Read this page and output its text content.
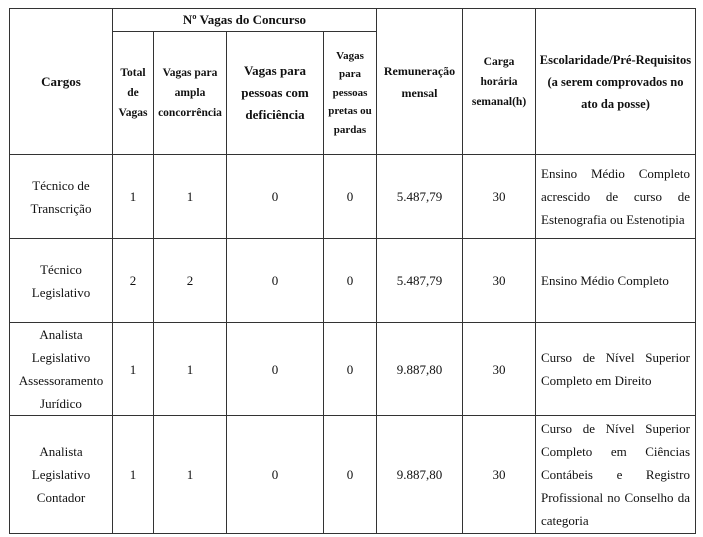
Cargos	Nº Vagas do Concurso				Remuneração mensal	Carga horária semanal(h)	Escolaridade/Pré-Requisitos (a serem comprovados no ato da posse)
	Total de Vagas	Vagas para ampla concorrência	Vagas para pessoas com deficiência	Vagas para pessoas pretas ou pardas			
Técnico de Transcrição	1	1	0	0	5.487,79	30	Ensino Médio Completo acrescido de curso de Estenografia ou Estenotipia
Técnico Legislativo	2	2	0	0	5.487,79	30	Ensino Médio Completo
Analista Legislativo Assessoramento Jurídico	1	1	0	0	9.887,80	30	Curso de Nível Superior Completo em Direito
Analista Legislativo Contador	1	1	0	0	9.887,80	30	Curso de Nível Superior Completo em Ciências Contábeis e Registro Profissional no Conselho da categoria
